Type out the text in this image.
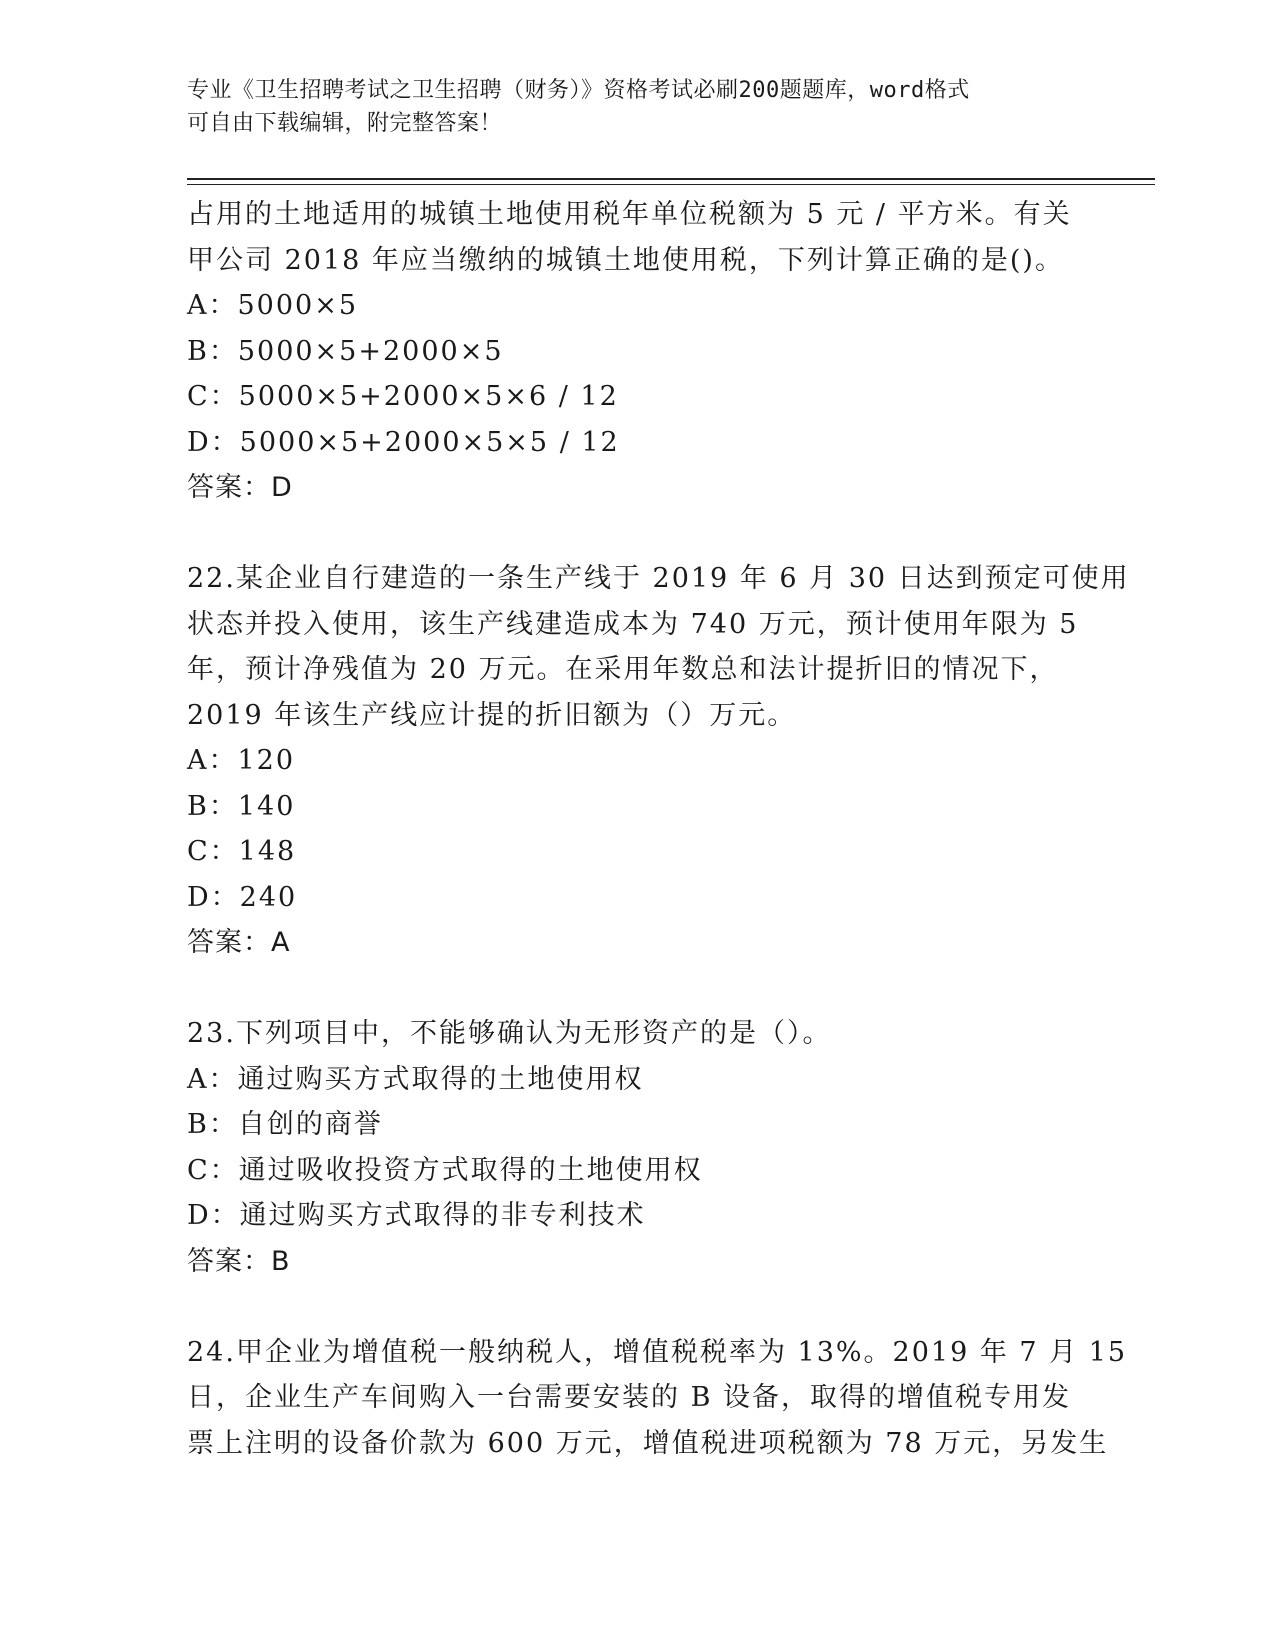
专业《卫生招聘考试之卫生招聘（财务）》资格考试必刷200题题库，word格式
可自由下载编辑，附完整答案！
占用的土地适用的城镇土地使用税年单位税额为 5 元 / 平方米。有关
甲公司 2018 年应当缴纳的城镇土地使用税，下列计算正确的是()。
A：5000×5
B：5000×5+2000×5
C：5000×5+2000×5×6 / 12
D：5000×5+2000×5×5 / 12
答案：D
22.某企业自行建造的一条生产线于 2019 年 6 月 30 日达到预定可使用
状态并投入使用，该生产线建造成本为 740 万元，预计使用年限为 5
年，预计净残值为 20 万元。在采用年数总和法计提折旧的情况下，
2019 年该生产线应计提的折旧额为（）万元。
A：120
B：140
C：148
D：240
答案：A
23.下列项目中，不能够确认为无形资产的是（）。
A：通过购买方式取得的土地使用权
B：自创的商誉
C：通过吸收投资方式取得的土地使用权
D：通过购买方式取得的非专利技术
答案：B
24.甲企业为增值税一般纳税人，增值税税率为 13%。2019 年 7 月 15
日，企业生产车间购入一台需要安装的 B 设备，取得的增值税专用发
票上注明的设备价款为 600 万元，增值税进项税额为 78 万元，另发生
